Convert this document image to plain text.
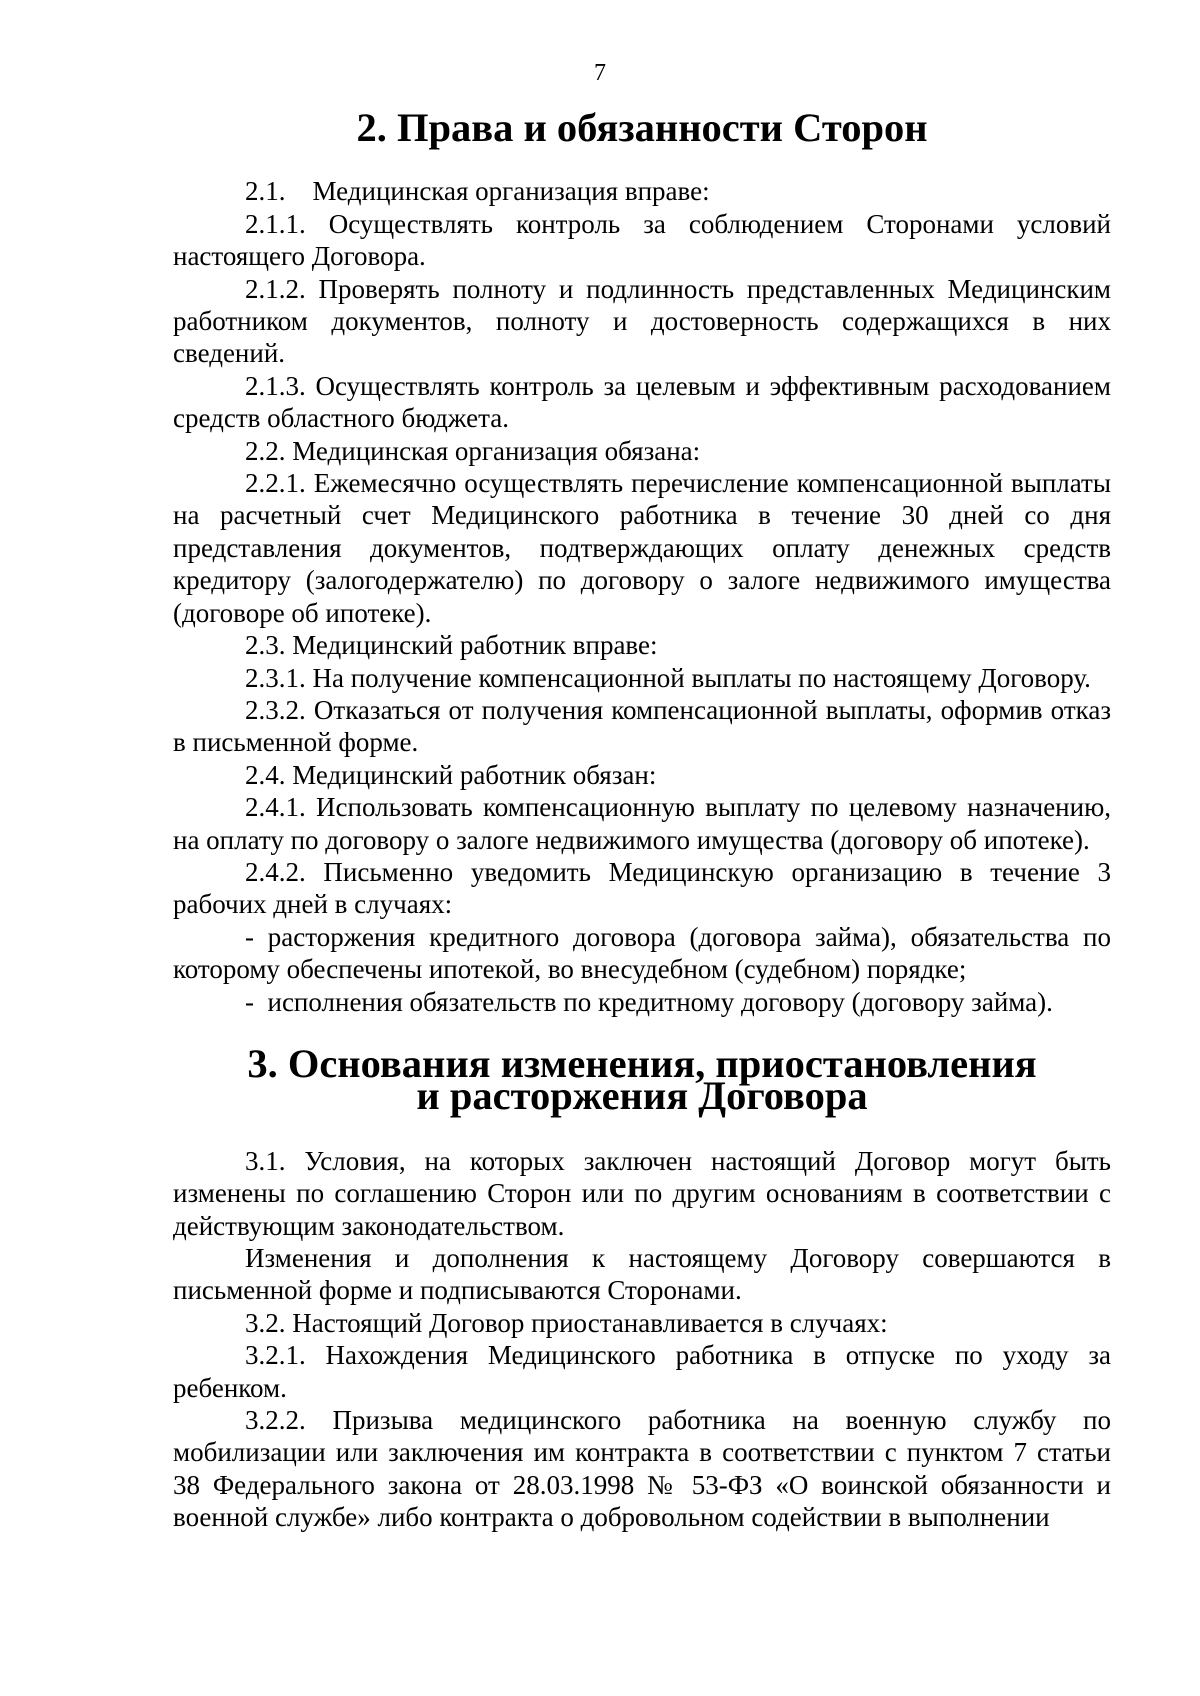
7
2. Права и обязанности Сторон

2.1.    Медицинская организация вправе:

2.1.1. Осуществлять контроль за соблюдением Сторонами условий настоящего Договора.

2.1.2. Проверять полноту и подлинность представленных Медицинским работником документов, полноту и достоверность содержащихся в них сведений.

2.1.3. Осуществлять контроль за целевым и эффективным расходованием средств областного бюджета.

2.2. Медицинская организация обязана:

2.2.1. Ежемесячно осуществлять перечисление компенсационной выплаты на расчетный счет Медицинского работника в течение 30 дней со дня представления документов, подтверждающих оплату денежных средств кредитору (залогодержателю) по договору о залоге недвижимого имущества (договоре об ипотеке).

2.3. Медицинский работник вправе:

2.3.1. На получение компенсационной выплаты по настоящему Договору.

2.3.2. Отказаться от получения компенсационной выплаты, оформив отказ в письменной форме.

2.4. Медицинский работник обязан:

2.4.1. Использовать компенсационную выплату по целевому назначению, на оплату по договору о залоге недвижимого имущества (договору об ипотеке).

2.4.2. Письменно уведомить Медицинскую организацию в течение 3 рабочих дней в случаях:

- расторжения кредитного договора (договора займа), обязательства по которому обеспечены ипотекой, во внесудебном (судебном) порядке;

-  исполнения обязательств по кредитному договору (договору займа).

3. Основания изменения, приостановления
и расторжения Договора

3.1. Условия, на которых заключен настоящий Договор могут быть изменены по соглашению Сторон или по другим основаниям в соответствии с действующим законодательством.

Изменения и дополнения к настоящему Договору совершаются в письменной форме и подписываются Сторонами.

3.2. Настоящий Договор приостанавливается в случаях:

3.2.1. Нахождения Медицинского работника в отпуске по уходу за ребенком.

3.2.2. Призыва медицинского работника на военную службу по мобилизации или заключения им контракта в соответствии с пунктом 7 статьи 38 Федерального закона от 28.03.1998 № 53-ФЗ «О воинской обязанности и военной службе» либо контракта о добровольном содействии в выполнении
